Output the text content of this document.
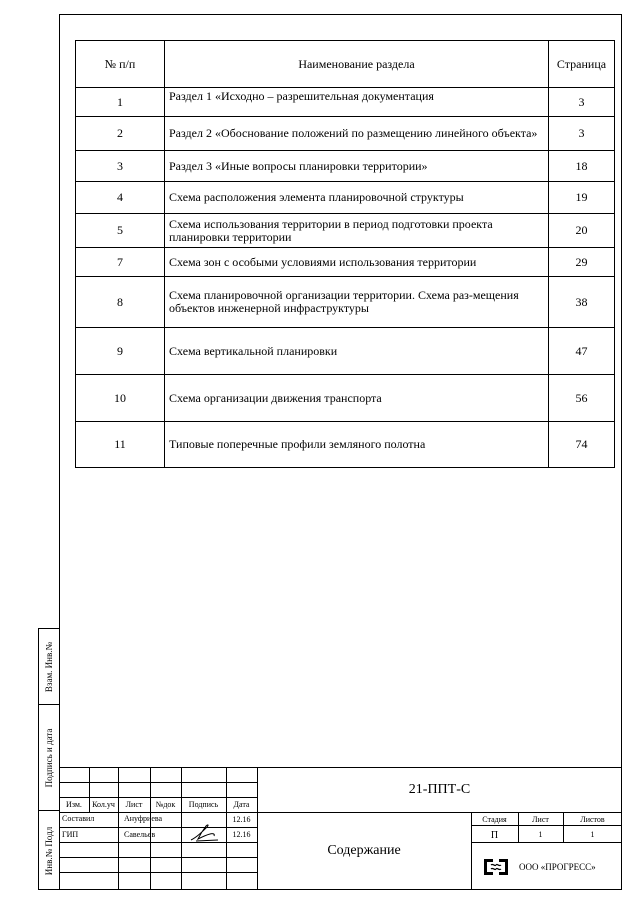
Взам. Инв.№
Подпись и дата
Инв.№ Подл
№ п/п	Наименование раздела	Страница
1	Раздел 1 «Исходно – разрешительная документация	3
2	Раздел 2 «Обоснование положений по размещению линейного объекта»	3
3	Раздел 3 «Иные вопросы планировки территории»	18
4	Схема расположения элемента планировочной структуры	19
5	Схема использования территории в период подготовки проекта планировки территории	20
7	Схема зон с особыми условиями использования территории	29
8	Схема планировочной организации территории. Схема раз-мещения объектов инженерной инфраструктуры	38
9	Схема вертикальной планировки	47
10	Схема организации движения транспорта	56
11	Типовые поперечные профили земляного полотна	74
21-ППТ-С
Изм.	Кол.уч	Лист	№док	Подпись	Дата
Составил	Ануфриева	12.16
ГИП	Савельев	12.16
Содержание
Стадия	Лист	Листов
П	1	1
ООО «ПРОГРЕСС»
